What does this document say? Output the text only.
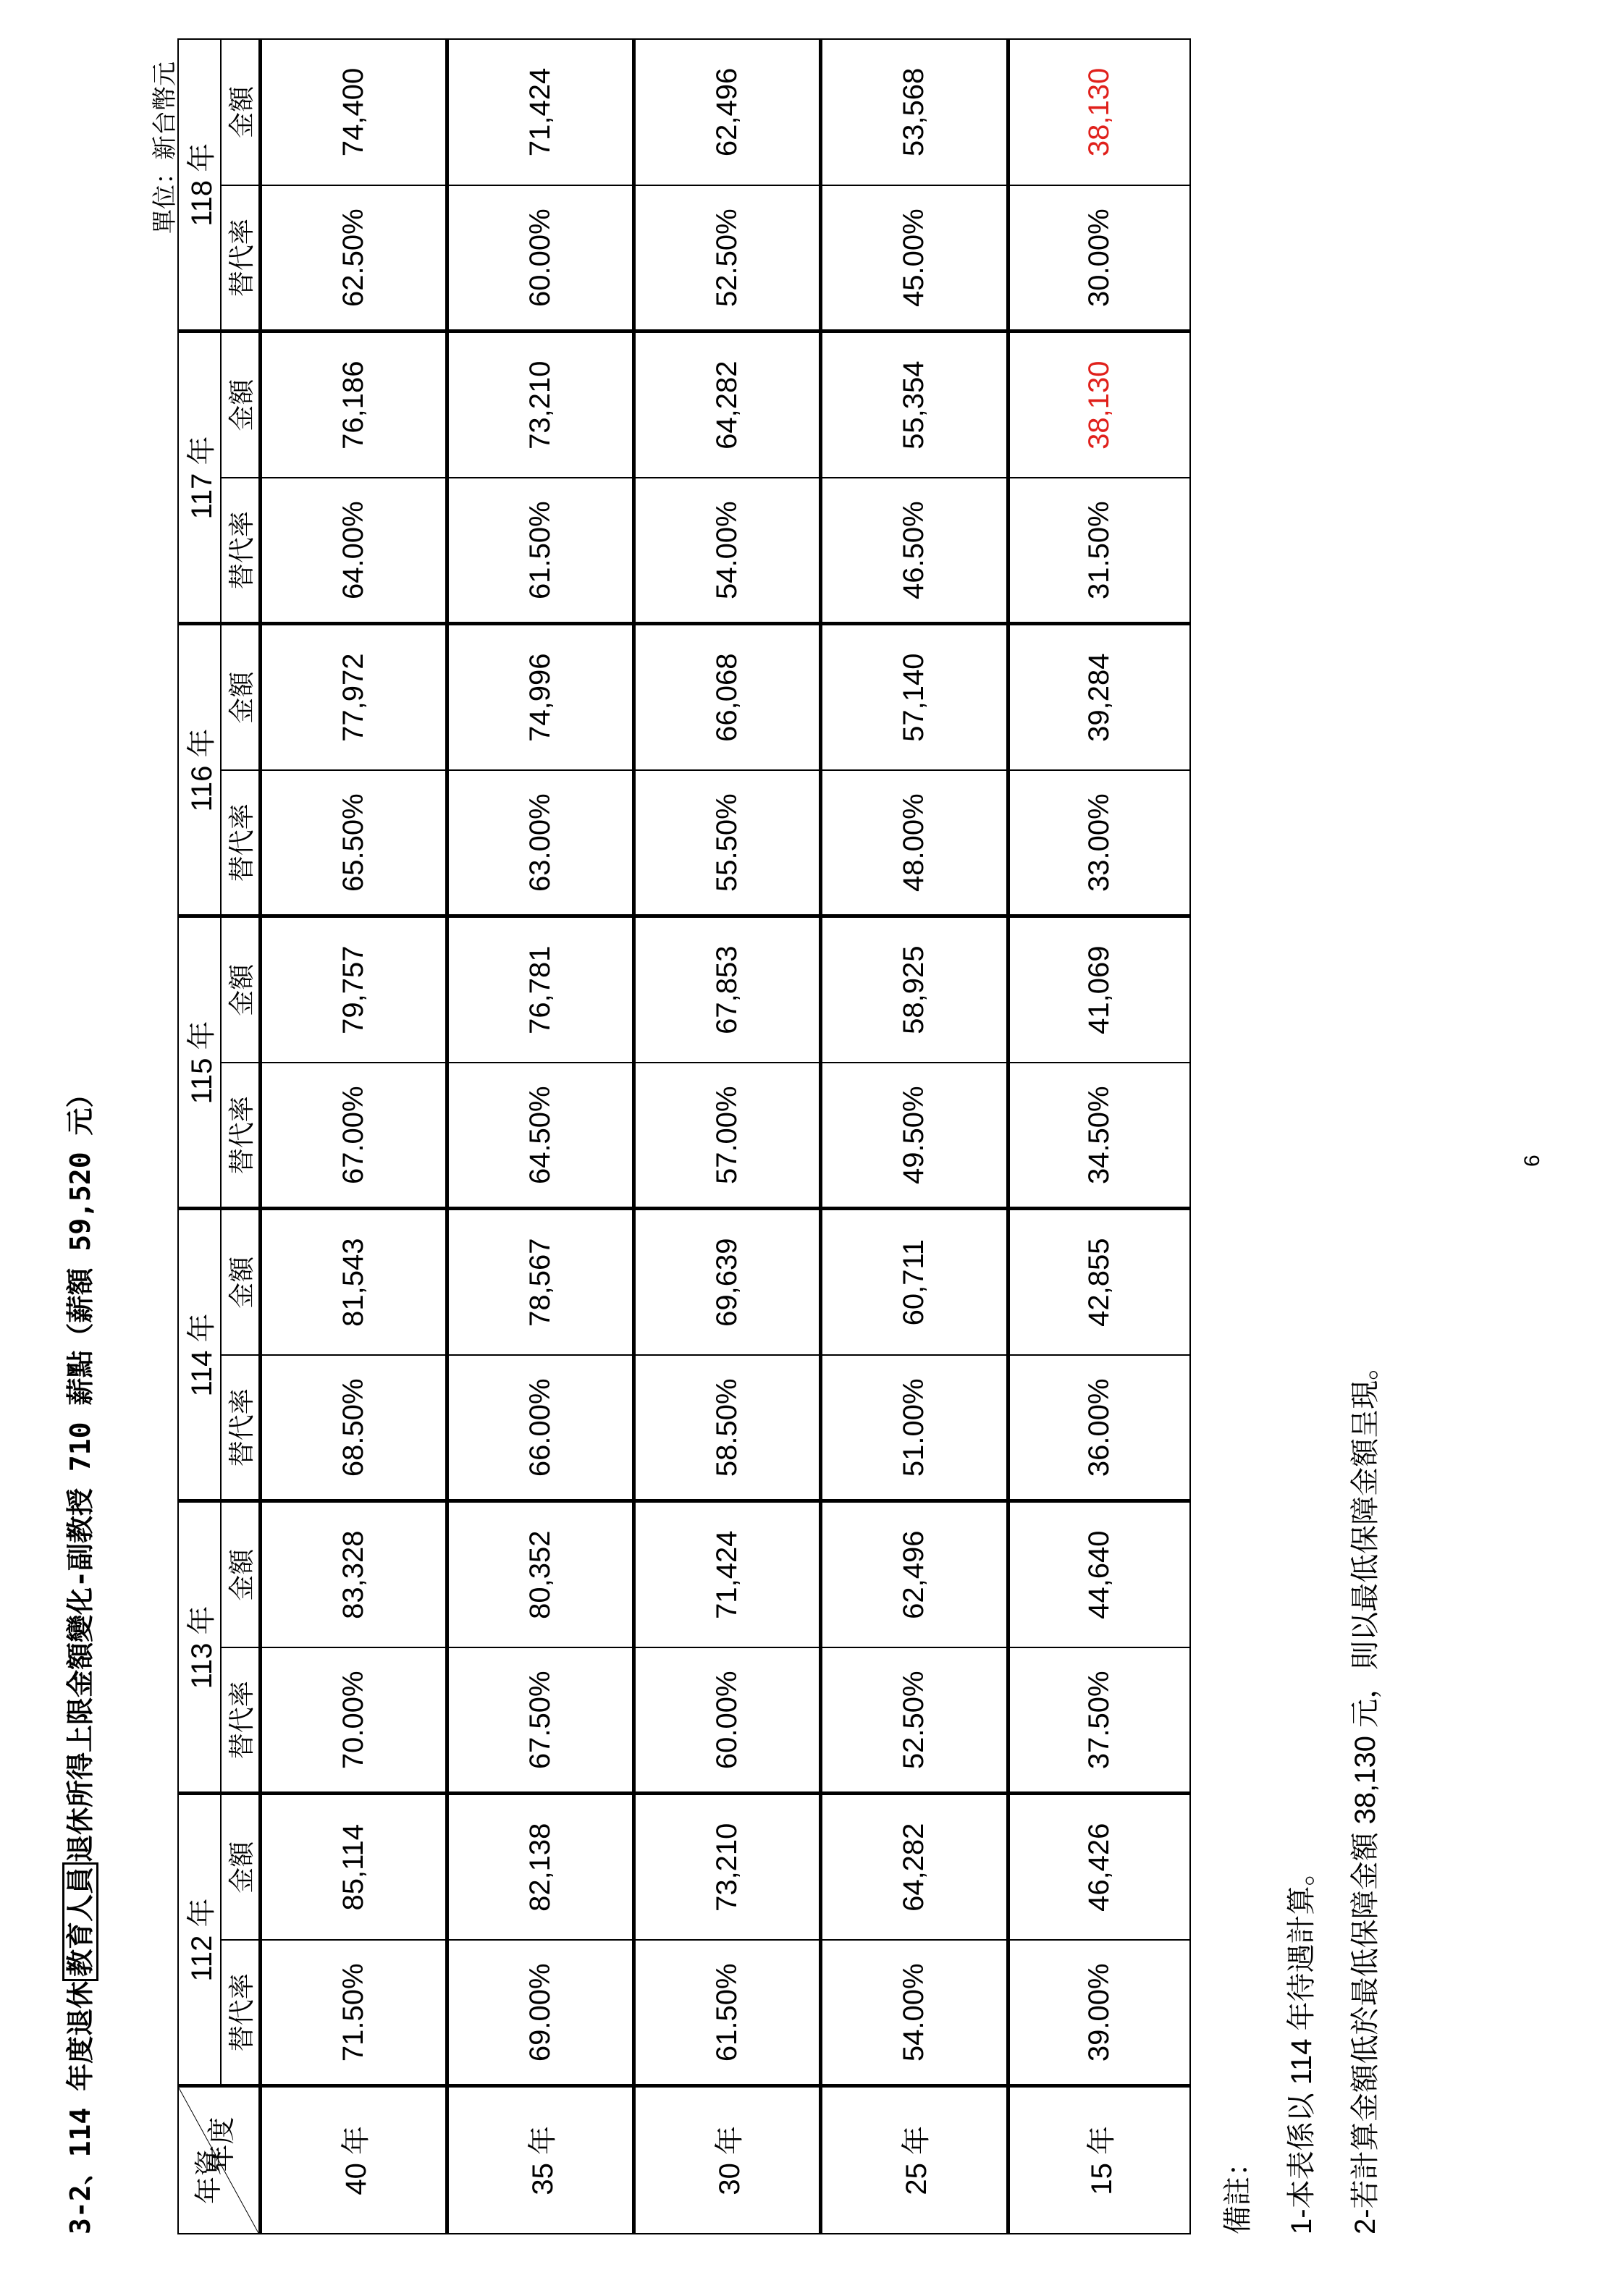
3-2、114 年度退休教育人員退休所得上限金額變化-副教授 710 薪點（薪額 59,520 元）
單位：新台幣元
年度
年資	112 年		113 年		114 年		115 年		116 年		117 年		118 年	
	替代率	金額	替代率	金額	替代率	金額	替代率	金額	替代率	金額	替代率	金額	替代率	金額
40 年	71.50%	85,114	70.00%	83,328	68.50%	81,543	67.00%	79,757	65.50%	77,972	64.00%	76,186	62.50%	74,400
35 年	69.00%	82,138	67.50%	80,352	66.00%	78,567	64.50%	76,781	63.00%	74,996	61.50%	73,210	60.00%	71,424
30 年	61.50%	73,210	60.00%	71,424	58.50%	69,639	57.00%	67,853	55.50%	66,068	54.00%	64,282	52.50%	62,496
25 年	54.00%	64,282	52.50%	62,496	51.00%	60,711	49.50%	58,925	48.00%	57,140	46.50%	55,354	45.00%	53,568
15 年	39.00%	46,426	37.50%	44,640	36.00%	42,855	34.50%	41,069	33.00%	39,284	31.50%	38,130	30.00%	38,130
備註： 1-本表係以 114 年待遇計算。 2-若計算金額低於最低保障金額 38,130 元，則以最低保障金額呈現。
6
